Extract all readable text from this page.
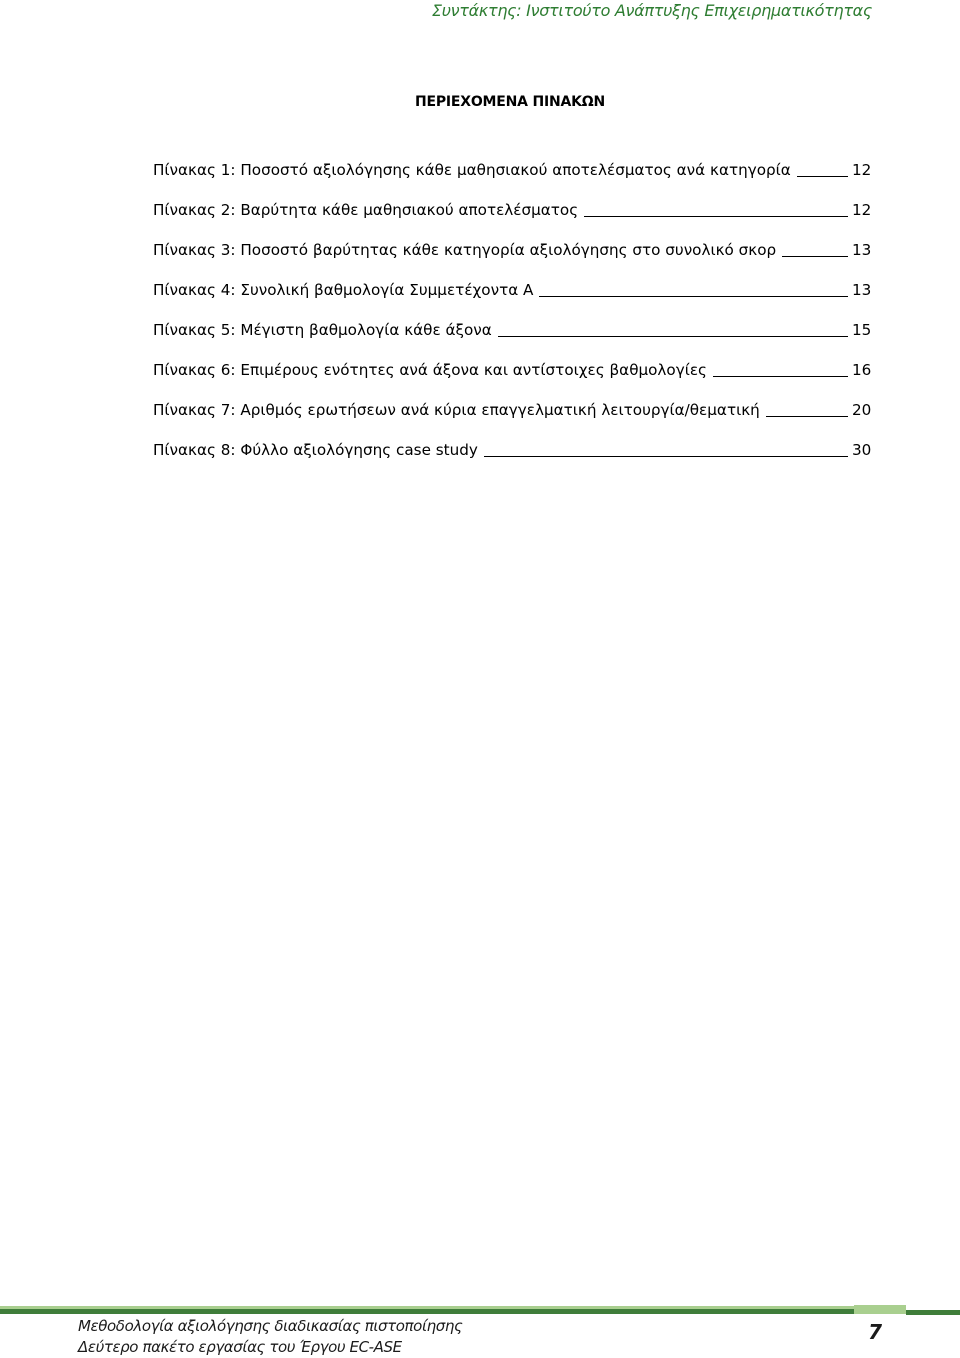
Συντάκτης: Ινστιτούτο Ανάπτυξης Επιχειρηματικότητας
ΠΕΡΙΕΧΟΜΕΝΑ ΠΙΝΑΚΩΝ
Πίνακας 1: Ποσοστό αξιολόγησης κάθε μαθησιακού αποτελέσματος ανά κατηγορία	12
Πίνακας 2: Βαρύτητα κάθε μαθησιακού αποτελέσματος	12
Πίνακας 3: Ποσοστό βαρύτητας κάθε κατηγορία αξιολόγησης στο συνολικό σκορ	13
Πίνακας 4: Συνολική βαθμολογία Συμμετέχοντα Α	13
Πίνακας 5: Μέγιστη βαθμολογία κάθε άξονα	15
Πίνακας 6: Επιμέρους ενότητες ανά άξονα και αντίστοιχες βαθμολογίες	16
Πίνακας 7: Αριθμός ερωτήσεων ανά κύρια επαγγελματική λειτουργία/θεματική	20
Πίνακας 8: Φύλλο αξιολόγησης case study	30
Μεθοδολογία αξιολόγησης διαδικασίας πιστοποίησης
Δεύτερο πακέτο εργασίας του Έργου EC-ASE
7
